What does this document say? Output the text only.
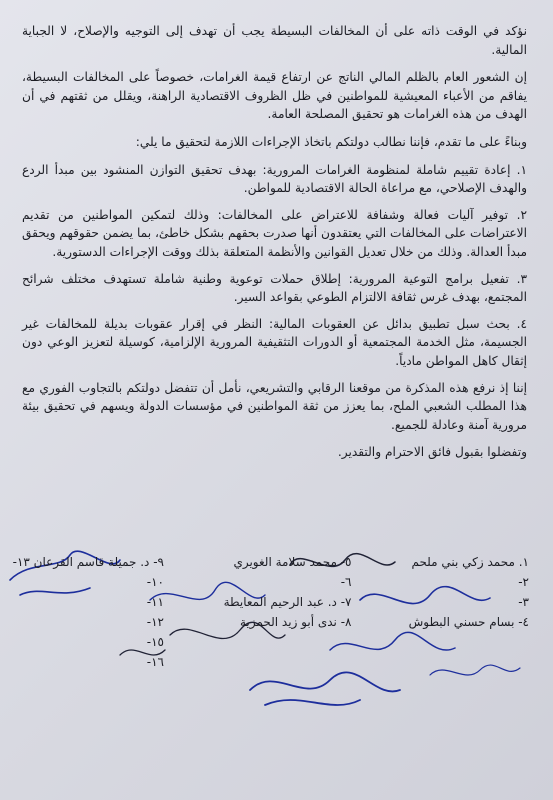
نؤكد في الوقت ذاته على أن المخالفات البسيطة يجب أن تهدف إلى التوجيه والإصلاح، لا الجباية المالية.

إن الشعور العام بالظلم المالي الناتج عن ارتفاع قيمة الغرامات، خصوصاً على المخالفات البسيطة، يفاقم من الأعباء المعيشية للمواطنين في ظل الظروف الاقتصادية الراهنة، ويقلل من ثقتهم في أن الهدف من هذه الغرامات هو تحقيق المصلحة العامة.

وبناءً على ما تقدم، فإننا نطالب دولتكم باتخاذ الإجراءات اللازمة لتحقيق ما يلي:

١. إعادة تقييم شاملة لمنظومة الغرامات المرورية: بهدف تحقيق التوازن المنشود بين مبدأ الردع والهدف الإصلاحي، مع مراعاة الحالة الاقتصادية للمواطن.

٢. توفير آليات فعالة وشفافة للاعتراض على المخالفات: وذلك لتمكين المواطنين من تقديم الاعتراضات على المخالفات التي يعتقدون أنها صدرت بحقهم بشكل خاطئ، بما يضمن حقوقهم ويحقق مبدأ العدالة. وذلك من خلال تعديل القوانين والأنظمة المتعلقة بذلك ووقت الإجراءات الدستورية.

٣. تفعيل برامج التوعية المرورية: إطلاق حملات توعوية وطنية شاملة تستهدف مختلف شرائح المجتمع، بهدف غرس ثقافة الالتزام الطوعي بقواعد السير.

٤. بحث سبل تطبيق بدائل عن العقوبات المالية: النظر في إقرار عقوبات بديلة للمخالفات غير الجسيمة، مثل الخدمة المجتمعية أو الدورات التثقيفية المرورية الإلزامية، كوسيلة لتعزيز الوعي دون إثقال كاهل المواطن مادياً.

إننا إذ نرفع هذه المذكرة من موقعنا الرقابي والتشريعي، نأمل أن تتفضل دولتكم بالتجاوب الفوري مع هذا المطلب الشعبي الملح، بما يعزز من ثقة المواطنين في مؤسسات الدولة ويسهم في تحقيق بيئة مرورية آمنة وعادلة للجميع.

وتفضلوا بقبول فائق الاحترام والتقدير.

١. محمد زكي بني ملحم
٥- محمد سلامة الغويري
٩- د. جميلة قاسم القرعان ١٣-
٢-
٦-
١٠-
٣-
٧- د. عبد الرحيم المعايطة
١١-
٤- بسام حسني البطوش
٨- ندى أبو زيد الحمزية
١٢-
١٥-
١٦-
